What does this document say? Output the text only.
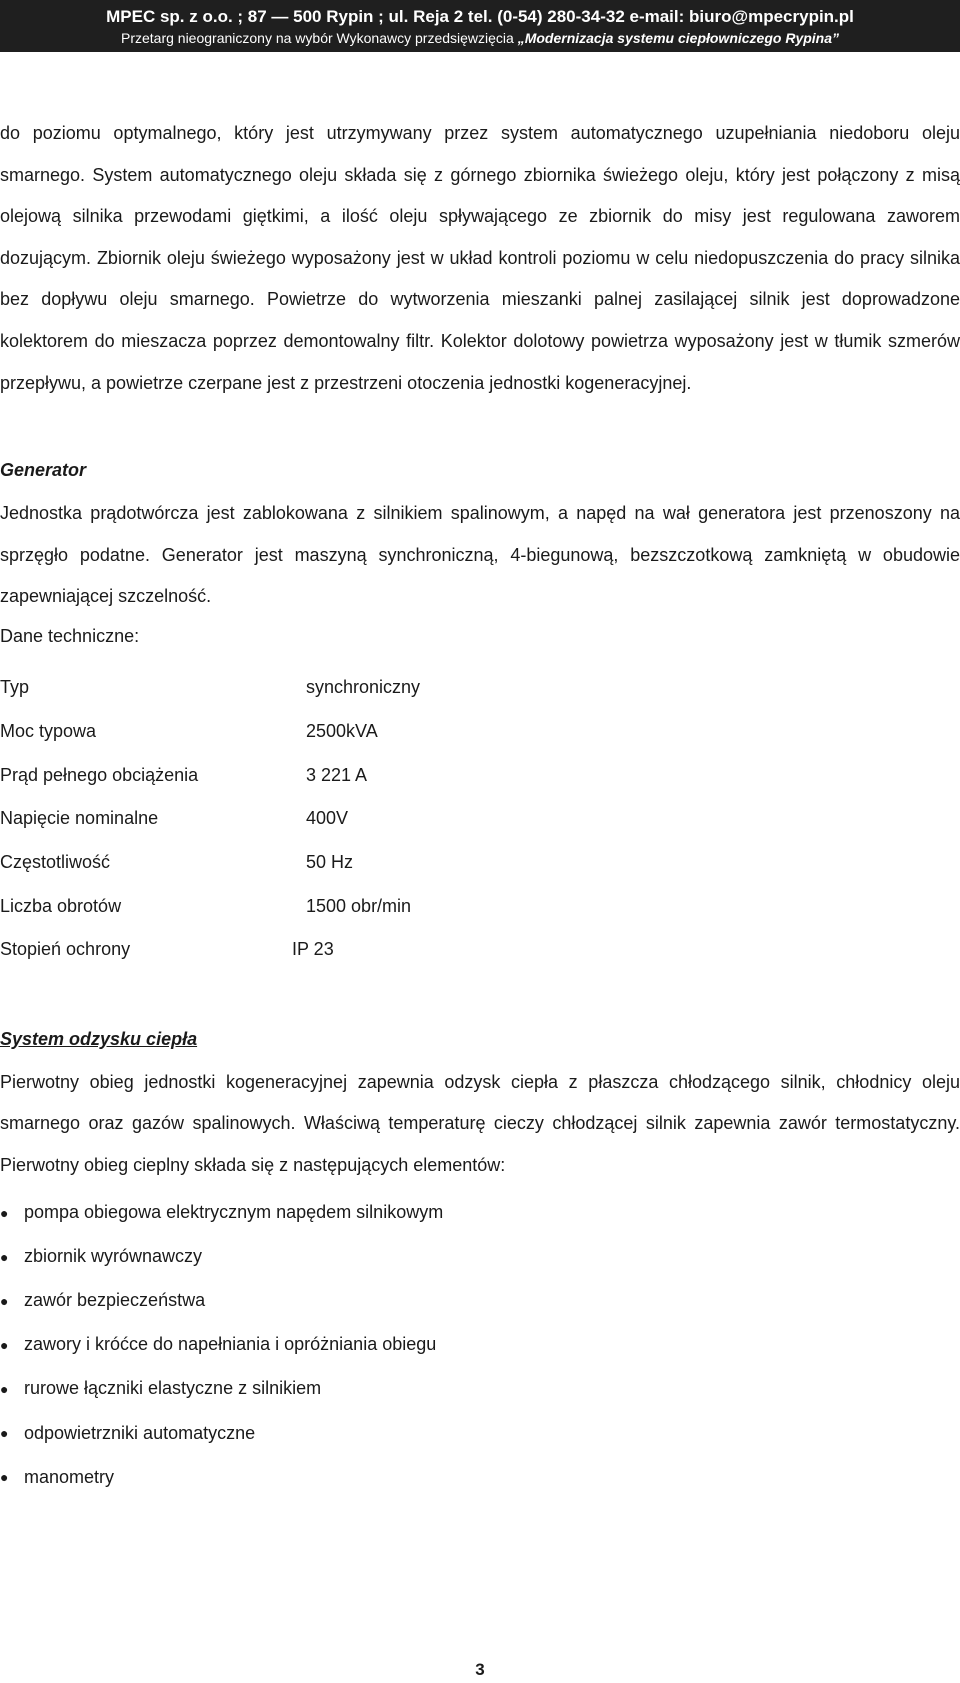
MPEC sp. z o.o. ; 87 — 500 Rypin ; ul. Reja 2 tel. (0-54) 280-34-32 e-mail: biuro@mpecrypin.pl
Przetarg nieograniczony na wybór Wykonawcy przedsięwzięcia „Modernizacja systemu ciepłowniczego Rypina”

do poziomu optymalnego, który jest utrzymywany przez system automatycznego uzupełniania niedoboru oleju smarnego. System automatycznego oleju składa się z górnego zbiornika świeżego oleju, który jest połączony z misą olejową silnika przewodami giętkimi, a ilość oleju spływającego ze zbiornik do misy jest regulowana zaworem dozującym. Zbiornik oleju świeżego wyposażony jest w układ kontroli poziomu w celu niedopuszczenia do pracy silnika bez dopływu oleju smarnego. Powietrze do wytworzenia mieszanki palnej zasilającej silnik jest doprowadzone kolektorem do mieszacza poprzez demontowalny filtr. Kolektor dolotowy powietrza wyposażony jest w tłumik szmerów przepływu, a powietrze czerpane jest z przestrzeni otoczenia jednostki kogeneracyjnej.

Generator

Jednostka prądotwórcza jest zablokowana z silnikiem spalinowym, a napęd na wał generatora jest przenoszony na sprzęgło podatne. Generator jest maszyną synchroniczną, 4-biegunową, bezszczotkową zamkniętą w obudowie zapewniającej szczelność.

Dane techniczne:
Typ	synchroniczny
Moc typowa	2500kVA
Prąd pełnego obciążenia	3 221 A
Napięcie nominalne	400V
Częstotliwość	50 Hz
Liczba obrotów	1500 obr/min
Stopień ochrony	IP 23
System odzysku ciepła

Pierwotny obieg jednostki kogeneracyjnej zapewnia odzysk ciepła z płaszcza chłodzącego silnik, chłodnicy oleju smarnego oraz gazów spalinowych. Właściwą temperaturę cieczy chłodzącej silnik zapewnia zawór termostatyczny. Pierwotny obieg cieplny składa się z następujących elementów:

● pompa obiegowa elektrycznym napędem silnikowym
● zbiornik wyrównawczy
● zawór bezpieczeństwa
● zawory i króćce do napełniania i opróżniania obiegu
● rurowe łączniki elastyczne z silnikiem
● odpowietrzniki automatyczne
● manometry
3
